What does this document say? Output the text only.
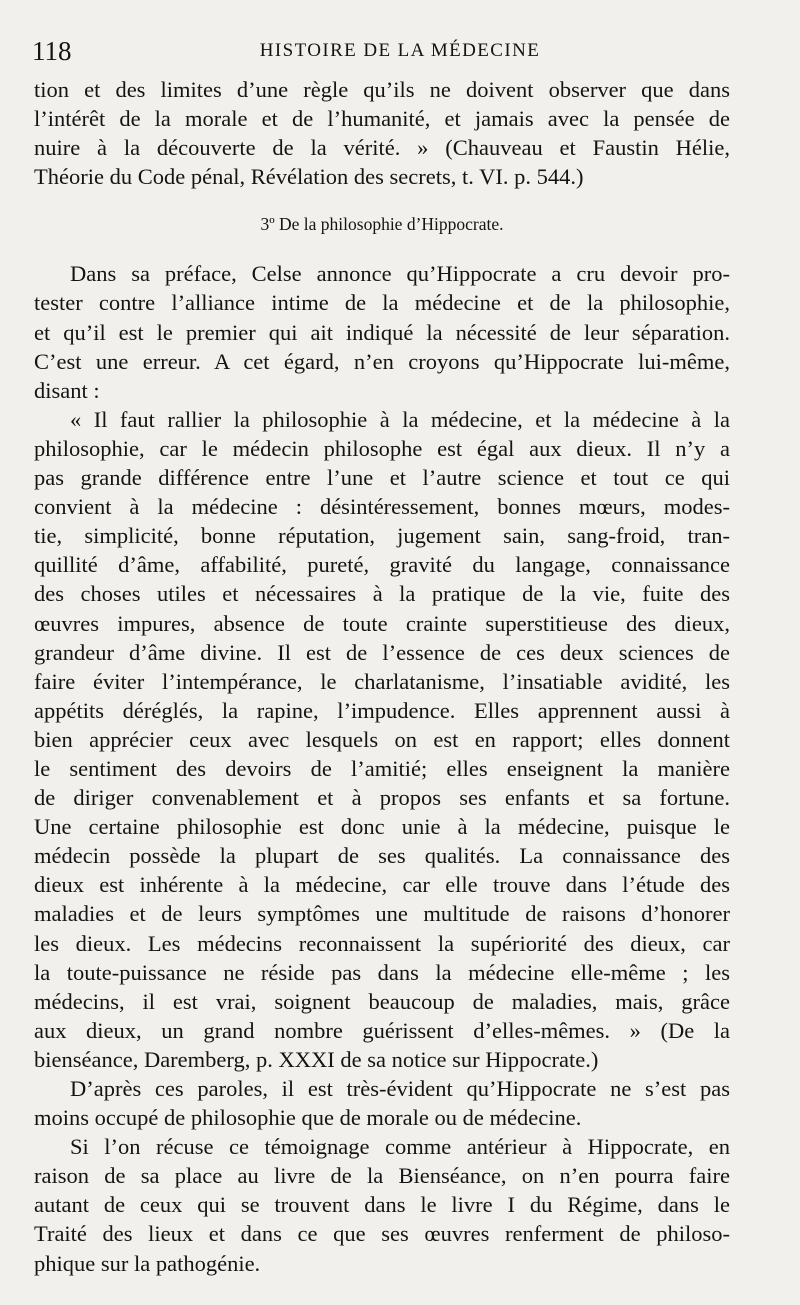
118	HISTOIRE DE LA MÉDECINE
tion et des limites d’une règle qu’ils ne doivent observer que dans
l’intérêt de la morale et de l’humanité, et jamais avec la pensée de
nuire à la découverte de la vérité. » (Chauveau et Faustin Hélie,
Théorie du Code pénal, Révélation des secrets, t. VI. p. 544.)
3º De la philosophie d’Hippocrate.
Dans sa préface, Celse annonce qu’Hippocrate a cru devoir pro-
tester contre l’alliance intime de la médecine et de la philosophie,
et qu’il est le premier qui ait indiqué la nécessité de leur séparation.
C’est une erreur. A cet égard, n’en croyons qu’Hippocrate lui-même,
disant :
« Il faut rallier la philosophie à la médecine, et la médecine à la
philosophie, car le médecin philosophe est égal aux dieux. Il n’y a
pas grande différence entre l’une et l’autre science et tout ce qui
convient à la médecine : désintéressement, bonnes mœurs, modes-
tie, simplicité, bonne réputation, jugement sain, sang-froid, tran-
quillité d’âme, affabilité, pureté, gravité du langage, connaissance
des choses utiles et nécessaires à la pratique de la vie, fuite des
œuvres impures, absence de toute crainte superstitieuse des dieux,
grandeur d’âme divine. Il est de l’essence de ces deux sciences de
faire éviter l’intempérance, le charlatanisme, l’insatiable avidité, les
appétits déréglés, la rapine, l’impudence. Elles apprennent aussi à
bien apprécier ceux avec lesquels on est en rapport; elles donnent
le sentiment des devoirs de l’amitié; elles enseignent la manière
de diriger convenablement et à propos ses enfants et sa fortune.
Une certaine philosophie est donc unie à la médecine, puisque le
médecin possède la plupart de ses qualités. La connaissance des
dieux est inhérente à la médecine, car elle trouve dans l’étude des
maladies et de leurs symptômes une multitude de raisons d’honorer
les dieux. Les médecins reconnaissent la supériorité des dieux, car
la toute-puissance ne réside pas dans la médecine elle-même ; les
médecins, il est vrai, soignent beaucoup de maladies, mais, grâce
aux dieux, un grand nombre guérissent d’elles-mêmes. » (De la
bienséance, Daremberg, p. XXXI de sa notice sur Hippocrate.)
D’après ces paroles, il est très-évident qu’Hippocrate ne s’est pas
moins occupé de philosophie que de morale ou de médecine.
Si l’on récuse ce témoignage comme antérieur à Hippocrate, en
raison de sa place au livre de la Bienséance, on n’en pourra faire
autant de ceux qui se trouvent dans le livre I du Régime, dans le
Traité des lieux et dans ce que ses œuvres renferment de philoso-
phique sur la pathogénie.
